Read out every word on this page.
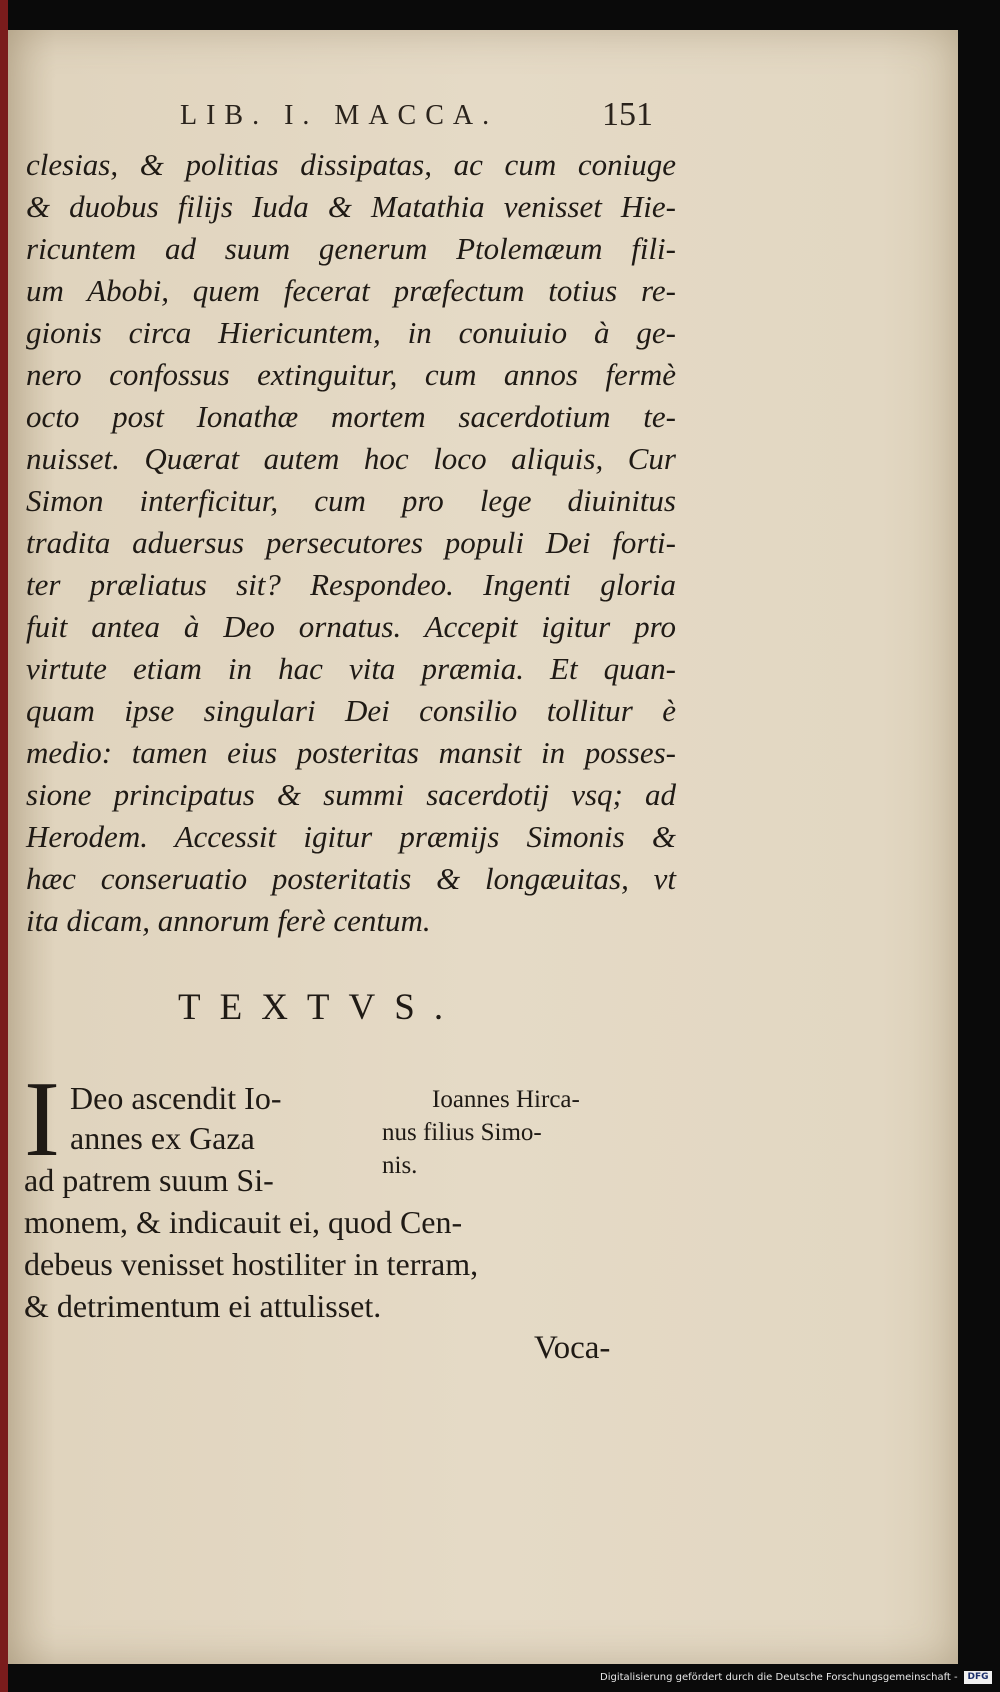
LIB. I. MACCA.	151
clesias, & politias dissipatas, ac cum coniuge
& duobus filijs Iuda & Matathia venisset Hie-
ricuntem ad suum generum Ptolemæum fili-
um Abobi, quem fecerat præfectum totius re-
gionis circa Hiericuntem, in conuiuio à ge-
nero confossus extinguitur, cum annos fermè
octo post Ionathæ mortem sacerdotium te-
nuisset. Quærat autem hoc loco aliquis, Cur
Simon interficitur, cum pro lege diuinitus
tradita aduersus persecutores populi Dei forti-
ter præliatus sit? Respondeo. Ingenti gloria
fuit antea à Deo ornatus. Accepit igitur pro
virtute etiam in hac vita præmia. Et quan-
quam ipse singulari Dei consilio tollitur è
medio: tamen eius posteritas mansit in posses-
sione principatus & summi sacerdotij vsq; ad
Herodem. Accessit igitur præmijs Simonis &
hæc conseruatio posteritatis & longæuitas, vt
ita dicam, annorum ferè centum.
TEXTVS.
I Deo ascendit Io-
annes ex Gaza
ad patrem suum Si-
monem, & indicauit ei, quod Cen-
debeus venisset hostiliter in terram,
& detrimentum ei attulisset.
Ioannes Hirca-
nus filius Simo-
nis.
Voca-
Digitalisierung gefördert durch die Deutsche Forschungsgemeinschaft -	DFG
